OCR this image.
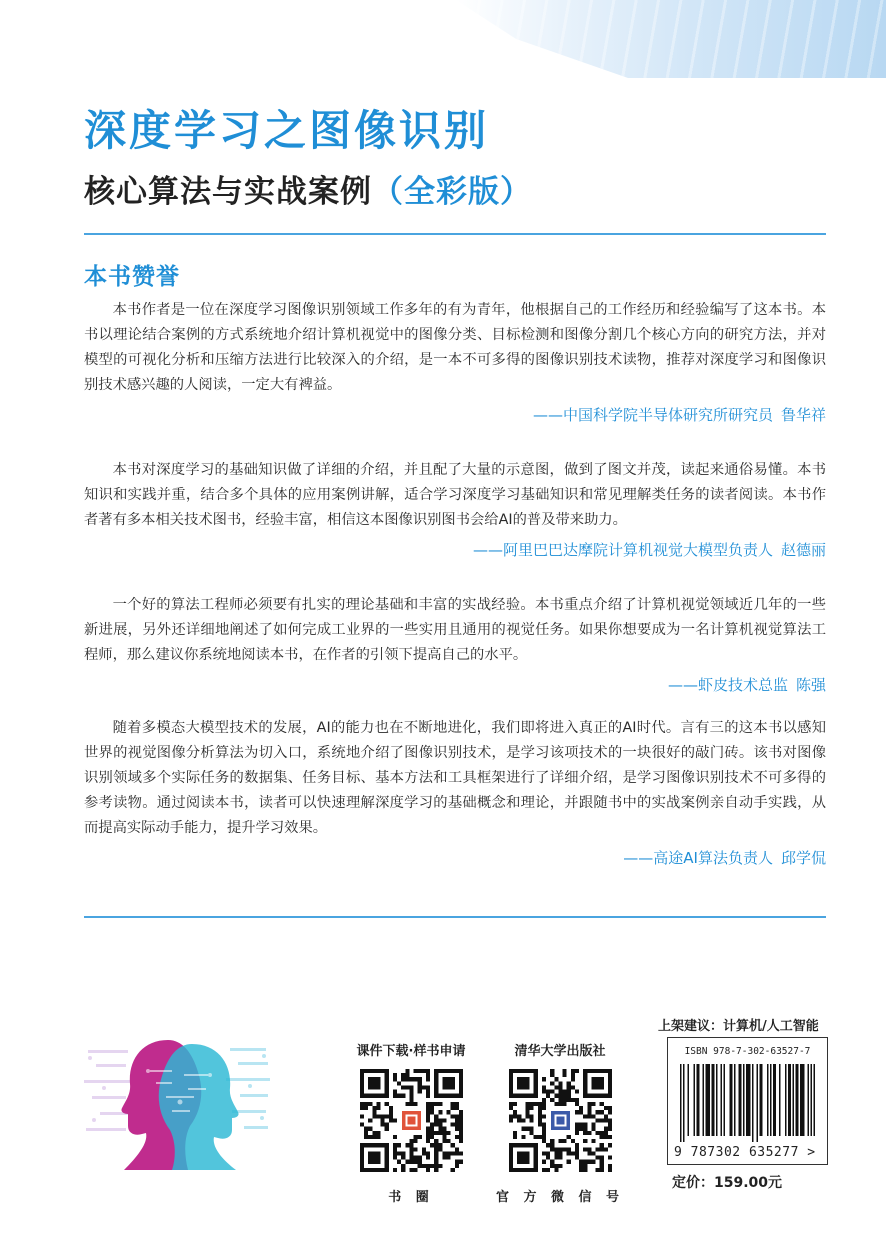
深度学习之图像识别
核心算法与实战案例（全彩版）
本书赞誉

本书作者是一位在深度学习图像识别领域工作多年的有为青年，他根据自己的工作经历和经验编写了这本书。本书以理论结合案例的方式系统地介绍计算机视觉中的图像分类、目标检测和图像分割几个核心方向的研究方法，并对模型的可视化分析和压缩方法进行比较深入的介绍，是一本不可多得的图像识别技术读物，推荐对深度学习和图像识别技术感兴趣的人阅读，一定大有裨益。

——中国科学院半导体研究所研究员 鲁华祥

本书对深度学习的基础知识做了详细的介绍，并且配了大量的示意图，做到了图文并茂，读起来通俗易懂。本书知识和实践并重，结合多个具体的应用案例讲解，适合学习深度学习基础知识和常见理解类任务的读者阅读。本书作者著有多本相关技术图书，经验丰富，相信这本图像识别图书会给AI的普及带来助力。

——阿里巴巴达摩院计算机视觉大模型负责人 赵德丽

一个好的算法工程师必须要有扎实的理论基础和丰富的实战经验。本书重点介绍了计算机视觉领域近几年的一些新进展，另外还详细地阐述了如何完成工业界的一些实用且通用的视觉任务。如果你想要成为一名计算机视觉算法工程师，那么建议你系统地阅读本书，在作者的引领下提高自己的水平。

——虾皮技术总监 陈强

随着多模态大模型技术的发展，AI的能力也在不断地进化，我们即将进入真正的AI时代。言有三的这本书以感知世界的视觉图像分析算法为切入口，系统地介绍了图像识别技术，是学习该项技术的一块很好的敲门砖。该书对图像识别领域多个实际任务的数据集、任务目标、基本方法和工具框架进行了详细介绍，是学习图像识别技术不可多得的参考读物。通过阅读本书，读者可以快速理解深度学习的基础概念和理论，并跟随书中的实战案例亲自动手实践，从而提高实际动手能力，提升学习效果。

——高途AI算法负责人 邱学侃
课件下载·样书申请
书 圈
清华大学出版社
官 方 微 信 号
上架建议：计算机/人工智能
ISBN 978-7-302-63527-7
9 787302 635277 >
定价：159.00元
